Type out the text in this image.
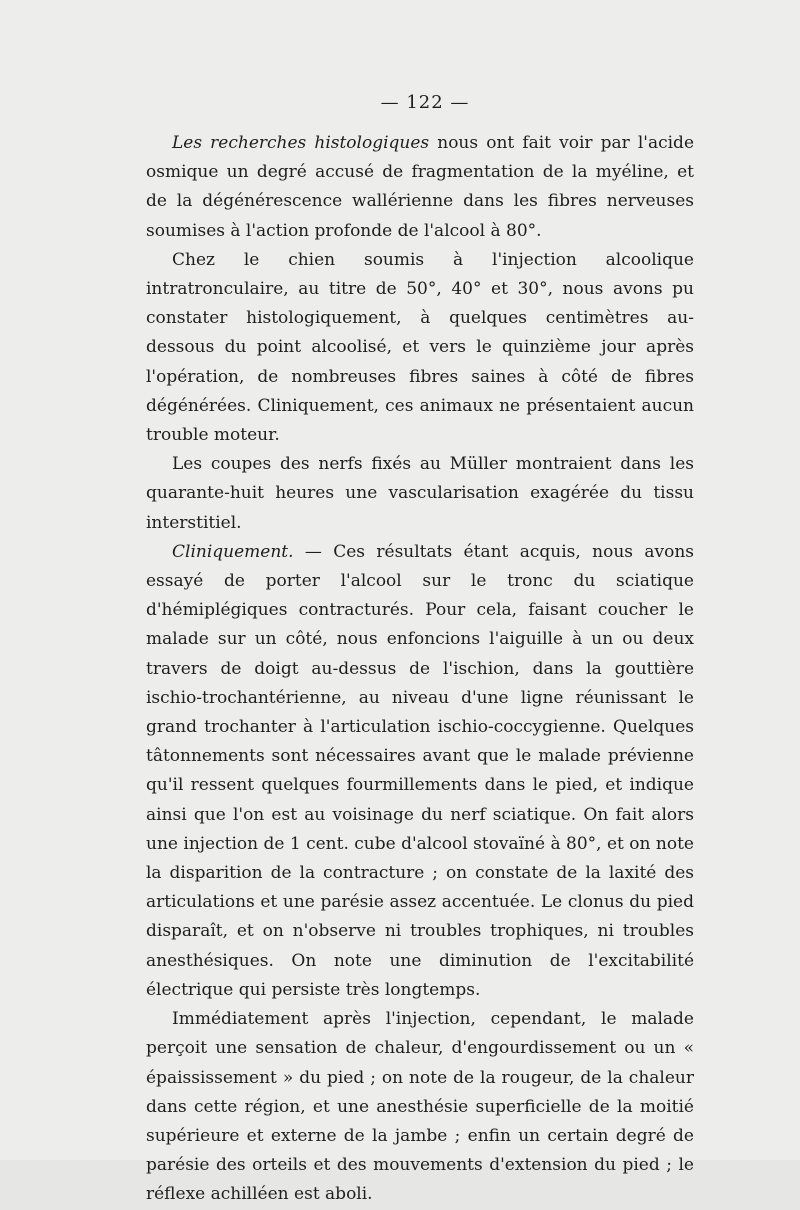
— 122 —

Les recherches histologiques nous ont fait voir par l'acide osmique un degré accusé de fragmentation de la myéline, et de la dégénérescence wallérienne dans les fibres nerveuses soumises à l'action profonde de l'alcool à 80°.

Chez le chien soumis à l'injection alcoolique intratronculaire, au titre de 50°, 40° et 30°, nous avons pu constater histologiquement, à quelques centimètres au-dessous du point alcoolisé, et vers le quinzième jour après l'opération, de nombreuses fibres saines à côté de fibres dégénérées. Cliniquement, ces animaux ne présentaient aucun trouble moteur.

Les coupes des nerfs fixés au Müller montraient dans les quarante-huit heures une vascularisation exagérée du tissu interstitiel.

Cliniquement. — Ces résultats étant acquis, nous avons essayé de porter l'alcool sur le tronc du sciatique d'hémiplégiques contracturés. Pour cela, faisant coucher le malade sur un côté, nous enfoncions l'aiguille à un ou deux travers de doigt au-dessus de l'ischion, dans la gouttière ischio-trochantérienne, au niveau d'une ligne réunissant le grand trochanter à l'articulation ischio-coccygienne. Quelques tâtonnements sont nécessaires avant que le malade prévienne qu'il ressent quelques fourmillements dans le pied, et indique ainsi que l'on est au voisinage du nerf sciatique. On fait alors une injection de 1 cent. cube d'alcool stovaïné à 80°, et on note la disparition de la contracture ; on constate de la laxité des articulations et une parésie assez accentuée. Le clonus du pied disparaît, et on n'observe ni troubles trophiques, ni troubles anesthésiques. On note une diminution de l'excitabilité électrique qui persiste très longtemps.

Immédiatement après l'injection, cependant, le malade perçoit une sensation de chaleur, d'engourdissement ou un « épaississement » du pied ; on note de la rougeur, de la chaleur dans cette région, et une anesthésie superficielle de la moitié supérieure et externe de la jambe ; enfin un certain degré de parésie des orteils et des mouvements d'extension du pied ; le réflexe achilléen est aboli.
